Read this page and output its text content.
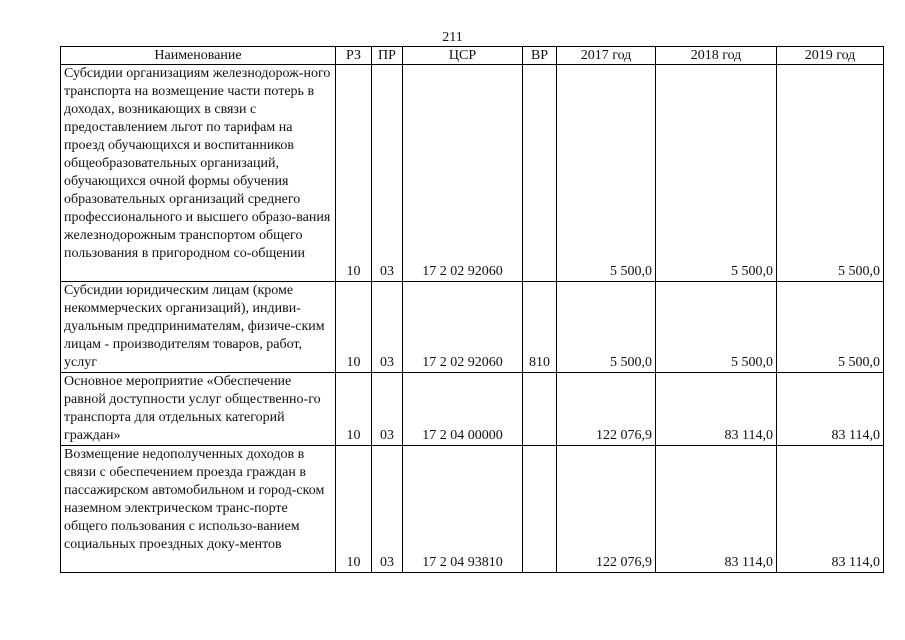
211
Наименование	РЗ	ПР	ЦСР	ВР	2017 год	2018 год	2019 год
Субсидии организациям железнодорож-ного транспорта на возмещение части потерь в доходах, возникающих в связи с предоставлением льгот по тарифам на проезд обучающихся и воспитанников общеобразовательных организаций, обучающихся очной формы обучения образовательных организаций среднего профессионального и высшего образо-вания железнодорожным транспортом общего пользования в пригородном со-общении	10	03	17 2 02 92060		5 500,0	5 500,0	5 500,0
Субсидии юридическим лицам (кроме некоммерческих организаций), индиви-дуальным предпринимателям, физиче-ским лицам - производителям товаров, работ, услуг	10	03	17 2 02 92060	810	5 500,0	5 500,0	5 500,0
Основное мероприятие «Обеспечение равной доступности услуг общественно-го транспорта для отдельных категорий граждан»	10	03	17 2 04 00000		122 076,9	83 114,0	83 114,0
Возмещение недополученных доходов в связи с обеспечением проезда граждан в пассажирском автомобильном и город-ском наземном электрическом транс-порте общего пользования с использо-ванием социальных проездных доку-ментов	10	03	17 2 04 93810		122 076,9	83 114,0	83 114,0
